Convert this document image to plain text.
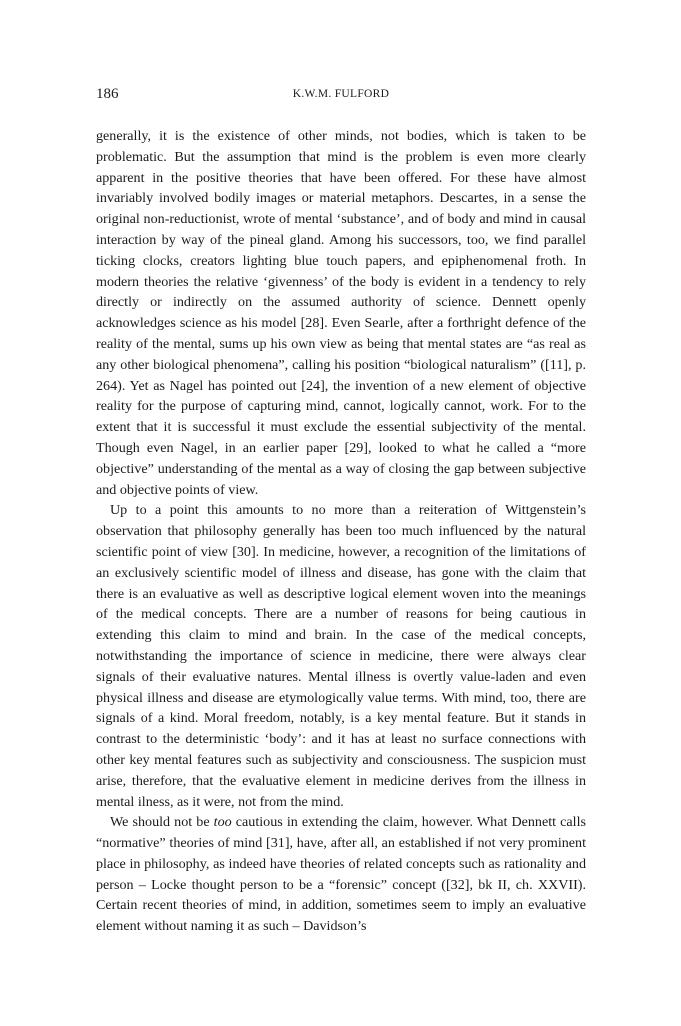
186	K.W.M. FULFORD

generally, it is the existence of other minds, not bodies, which is taken to be problematic. But the assumption that mind is the problem is even more clearly apparent in the positive theories that have been offered. For these have almost invariably involved bodily images or material metaphors. Descartes, in a sense the original non-reductionist, wrote of mental ‘substance’, and of body and mind in causal interaction by way of the pineal gland. Among his successors, too, we find parallel ticking clocks, creators lighting blue touch papers, and epiphenomenal froth. In modern theories the relative ‘givenness’ of the body is evident in a tendency to rely directly or indirectly on the assumed authority of science. Dennett openly acknowledges science as his model [28]. Even Searle, after a forthright defence of the reality of the mental, sums up his own view as being that mental states are “as real as any other biological phenomena”, calling his position “biological naturalism” ([11], p. 264). Yet as Nagel has pointed out [24], the invention of a new element of objective reality for the purpose of capturing mind, cannot, logically cannot, work. For to the extent that it is successful it must exclude the essential subjectivity of the mental. Though even Nagel, in an earlier paper [29], looked to what he called a “more objective” understanding of the mental as a way of closing the gap between subjective and objective points of view.

Up to a point this amounts to no more than a reiteration of Wittgenstein’s observation that philosophy generally has been too much influenced by the natural scientific point of view [30]. In medicine, however, a recognition of the limitations of an exclusively scientific model of illness and disease, has gone with the claim that there is an evaluative as well as descriptive logical element woven into the meanings of the medical concepts. There are a number of reasons for being cautious in extending this claim to mind and brain. In the case of the medical concepts, notwithstanding the importance of science in medicine, there were always clear signals of their evaluative natures. Mental illness is overtly value-laden and even physical illness and disease are etymologically value terms. With mind, too, there are signals of a kind. Moral freedom, notably, is a key mental feature. But it stands in contrast to the deterministic ‘body’: and it has at least no surface connections with other key mental features such as subjectivity and consciousness. The suspicion must arise, therefore, that the evaluative element in medicine derives from the illness in mental ilness, as it were, not from the mind.

We should not be too cautious in extending the claim, however. What Dennett calls “normative” theories of mind [31], have, after all, an established if not very prominent place in philosophy, as indeed have theories of related concepts such as rationality and person – Locke thought person to be a “forensic” concept ([32], bk II, ch. XXVII). Certain recent theories of mind, in addition, sometimes seem to imply an evaluative element without naming it as such – Davidson’s
